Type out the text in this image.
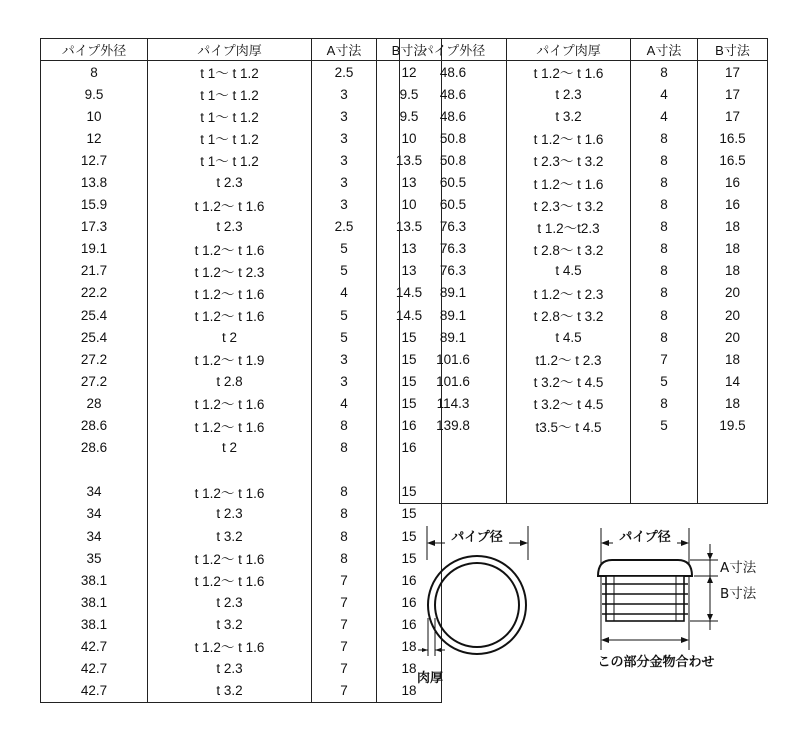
パイプ外径	パイプ肉厚	A寸法	B寸法
8	t 1～ t 1.2	2.5	12
9.5	t 1～ t 1.2	3	9.5
10	t 1～ t 1.2	3	9.5
12	t 1～ t 1.2	3	10
12.7	t 1～ t 1.2	3	13.5
13.8	t 2.3	3	13
15.9	t 1.2～ t 1.6	3	10
17.3	t 2.3	2.5	13.5
19.1	t 1.2～ t 1.6	5	13
21.7	t 1.2～ t 2.3	5	13
22.2	t 1.2～ t 1.6	4	14.5
25.4	t 1.2～ t 1.6	5	14.5
25.4	t 2	5	15
27.2	t 1.2～ t 1.9	3	15
27.2	t 2.8	3	15
28	t 1.2～ t 1.6	4	15
28.6	t 1.2～ t 1.6	8	16
28.6	t 2	8	16

34	t 1.2～ t 1.6	8	15
34	t 2.3	8	15
34	t 3.2	8	15
35	t 1.2～ t 1.6	8	15
38.1	t 1.2～ t 1.6	7	16
38.1	t 2.3	7	16
38.1	t 3.2	7	16
42.7	t 1.2～ t 1.6	7	18
42.7	t 2.3	7	18
42.7	t 3.2	7	18
パイプ外径	パイプ肉厚	A寸法	B寸法
48.6	t 1.2～ t 1.6	8	17
48.6	t 2.3	4	17
48.6	t 3.2	4	17
50.8	t 1.2～ t 1.6	8	16.5
50.8	t 2.3～ t 3.2	8	16.5
60.5	t 1.2～ t 1.6	8	16
60.5	t 2.3～ t 3.2	8	16
76.3	t 1.2～t2.3	8	18
76.3	t 2.8～ t 3.2	8	18
76.3	t 4.5	8	18
89.1	t 1.2～ t 2.3	8	20
89.1	t 2.8～ t 3.2	8	20
89.1	t 4.5	8	20
101.6	t1.2～ t 2.3	7	18
101.6	t 3.2～ t 4.5	5	14
114.3	t 3.2～ t 4.5	8	18
139.8	t3.5～ t 4.5	5	19.5

パイプ径
肉厚
パイプ径
A寸法
B寸法
この部分金物合わせ
